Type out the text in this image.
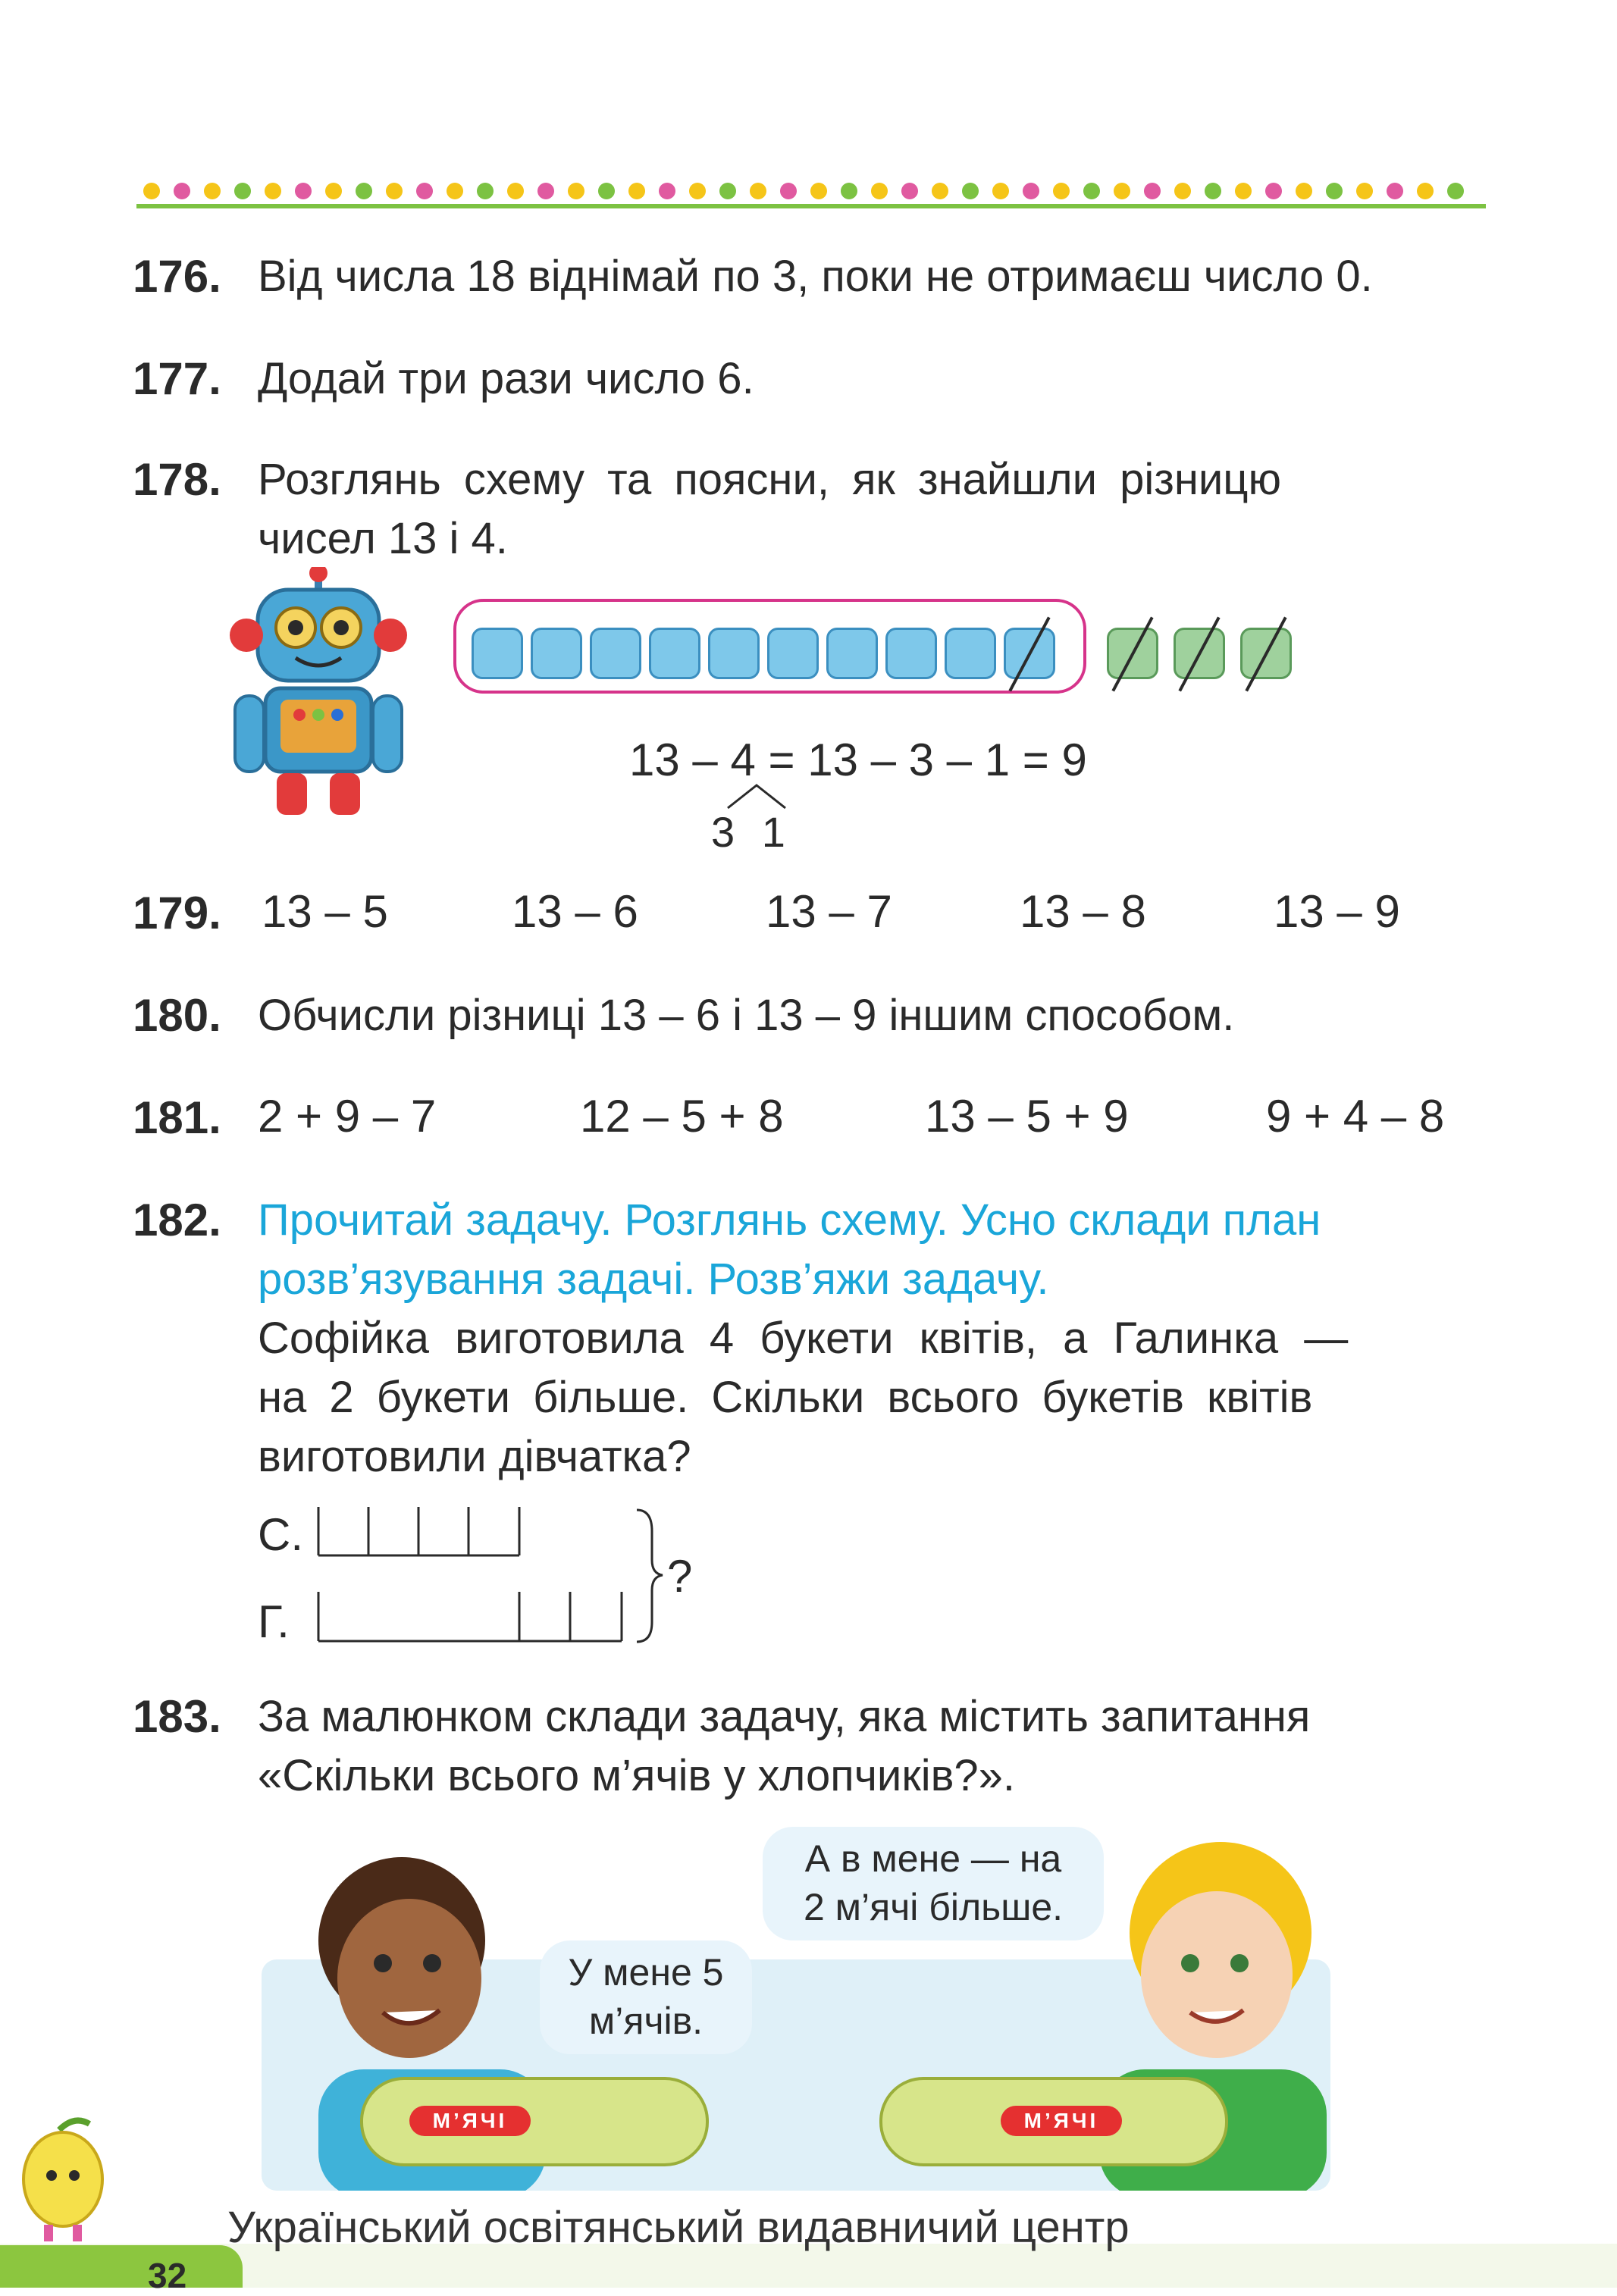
176. Від числа 18 віднімай по 3, поки не отримаєш число 0.
177. Додай три рази число 6.
178. Розглянь схему та поясни, як знайшли різницю
чисел 13 і 4.
13 – 4 = 13 – 3 – 1 = 9
3 1
179. 13 – 5	13 – 6	13 – 7	13 – 8	13 – 9
180. Обчисли різниці 13 – 6 і 13 – 9 іншим способом.
181. 2 + 9 – 7	12 – 5 + 8	13 – 5 + 9	9 + 4 – 8
182. Прочитай задачу. Розглянь схему. Усно склади план
розв’язування задачі. Розв’яжи задачу.
Софійка виготовила 4 букети квітів, а Галинка —
на 2 букети більше. Скільки всього букетів квітів
виготовили дівчатка?
С.
Г.
?
183. За малюнком склади задачу, яка містить запитання
«Скільки всього м’ячів у хлопчиків?».
У мене 5
м’ячів.
А в мене — на
2 м’ячі більше.
М’ЯЧІ	М’ЯЧІ
32
Український освітянський видавничий центр
